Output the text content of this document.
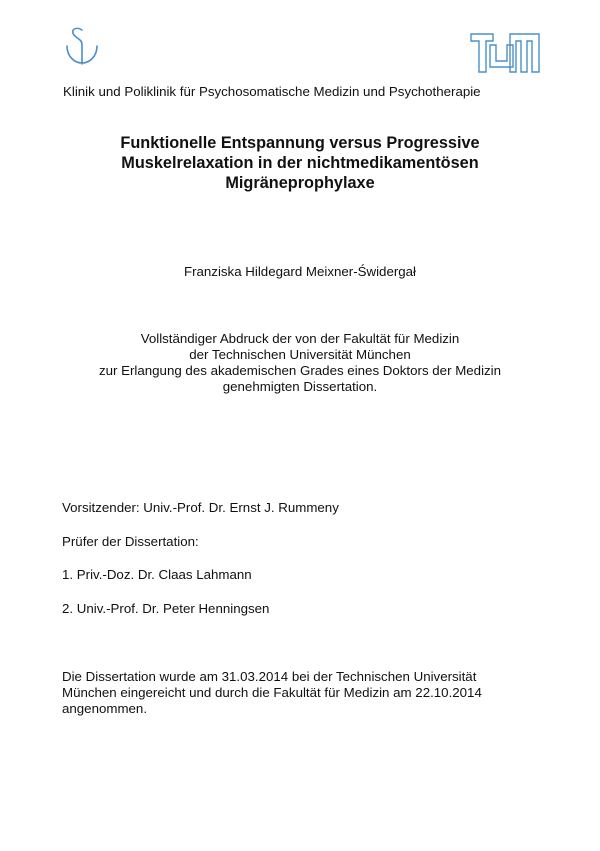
Klinik und Poliklinik für Psychosomatische Medizin und Psychotherapie
Funktionelle Entspannung versus Progressive
Muskelrelaxation in der nichtmedikamentösen
Migräneprophylaxe
Franziska Hildegard Meixner-Świdergał
Vollständiger Abdruck der von der Fakultät für Medizin
der Technischen Universität München
zur Erlangung des akademischen Grades eines Doktors der Medizin
genehmigten Dissertation.
Vorsitzender: Univ.-Prof. Dr. Ernst J. Rummeny
Prüfer der Dissertation:
1. Priv.-Doz. Dr. Claas Lahmann
2. Univ.-Prof. Dr. Peter Henningsen
Die Dissertation wurde am 31.03.2014 bei der Technischen Universität
München eingereicht und durch die Fakultät für Medizin am 22.10.2014
angenommen.
